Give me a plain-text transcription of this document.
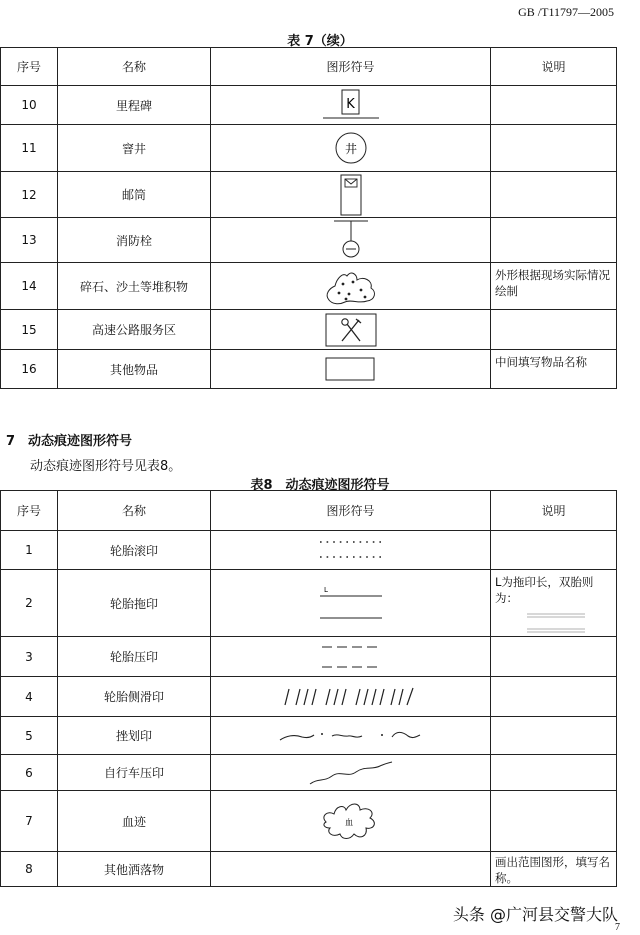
GB /T11797—2005
表 7（续）
序号	名称	图形符号	说明
10	里程碑	K	

11	窨井	井	

12	邮筒	

13	消防栓	

14	碎石、沙土等堆积物		外形根据现场实际情况绘制
15	高速公路服务区	

16	其他物品		中间填写物品名称
7　动态痕迹图形符号
动态痕迹图形符号见表8。
表8　动态痕迹图形符号
序号	名称	图形符号	说明
1	轮胎滚印	

2	轮胎拖印	L	L为拖印长，双胎则为：

3	轮胎压印	

4	轮胎侧滑印	

5	挫划印	

6	自行车压印	

7	血迹	血	

8	其他洒落物		画出范围图形，填写名称。
头条 @广河县交警大队
7
